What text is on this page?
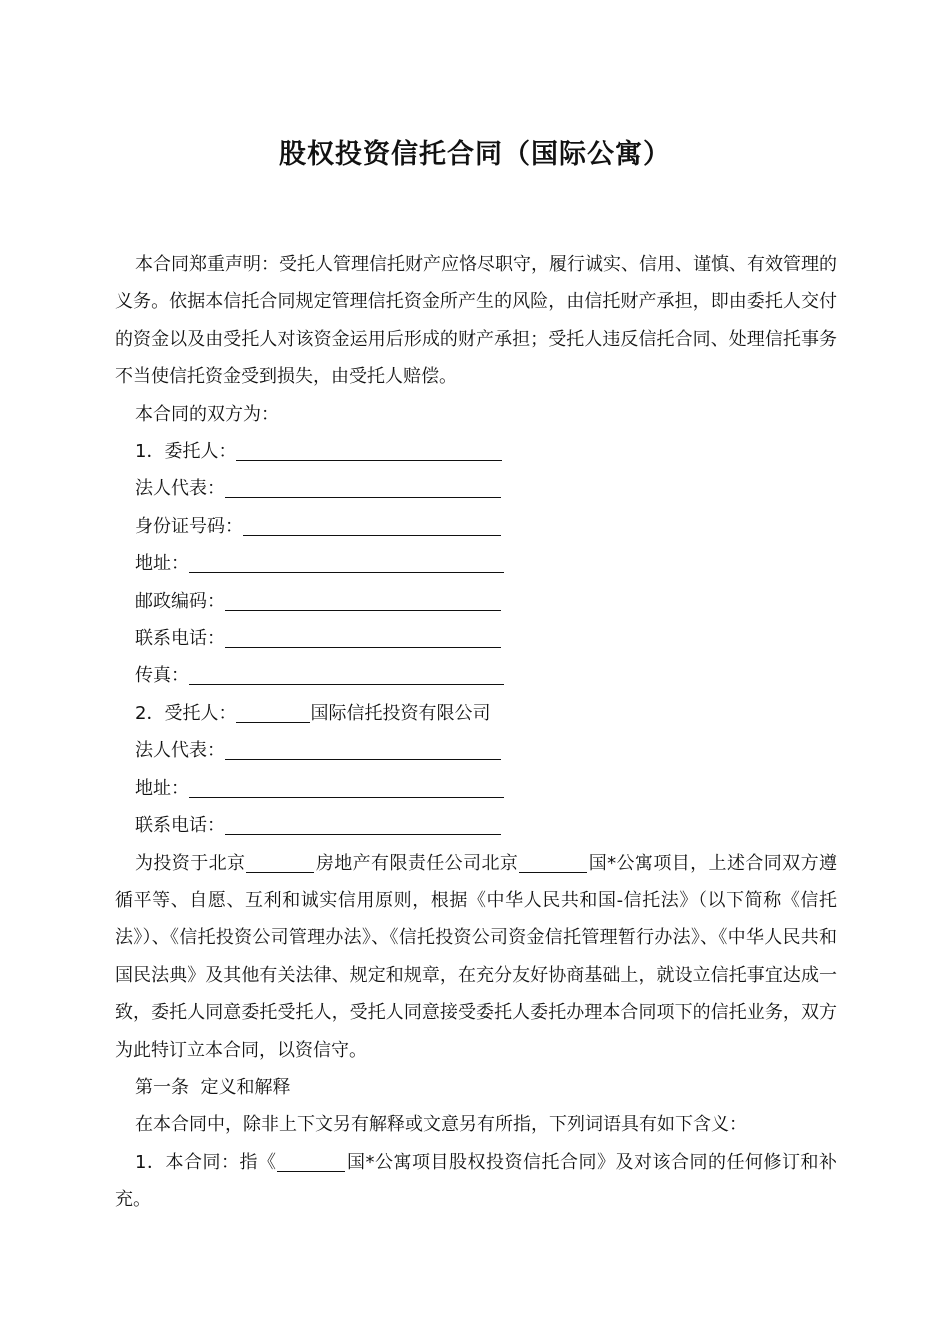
股权投资信托合同（国际公寓）

本合同郑重声明：受托人管理信托财产应恪尽职守，履行诚实、信用、谨慎、有效管理的义务。依据本信托合同规定管理信托资金所产生的风险，由信托财产承担，即由委托人交付的资金以及由受托人对该资金运用后形成的财产承担；受托人违反信托合同、处理信托事务不当使信托资金受到损失，由受托人赔偿。

本合同的双方为：

1．委托人：

法人代表：

身份证号码：

地址：

邮政编码：

联系电话：

传真：

2．受托人：	国际信托投资有限公司

法人代表：

地址：

联系电话：

为投资于北京	房地产有限责任公司北京	国*公寓项目，上述合同双方遵循平等、自愿、互利和诚实信用原则，根据《中华人民共和国-信托法》（以下简称《信托法》）、《信托投资公司管理办法》、《信托投资公司资金信托管理暂行办法》、《中华人民共和国民法典》及其他有关法律、规定和规章，在充分友好协商基础上，就设立信托事宜达成一致，委托人同意委托受托人，受托人同意接受委托人委托办理本合同项下的信托业务，双方为此特订立本合同，以资信守。

第一条  定义和解释

在本合同中，除非上下文另有解释或文意另有所指，下列词语具有如下含义：

1．本合同：指《	国*公寓项目股权投资信托合同》及对该合同的任何修订和补充。
